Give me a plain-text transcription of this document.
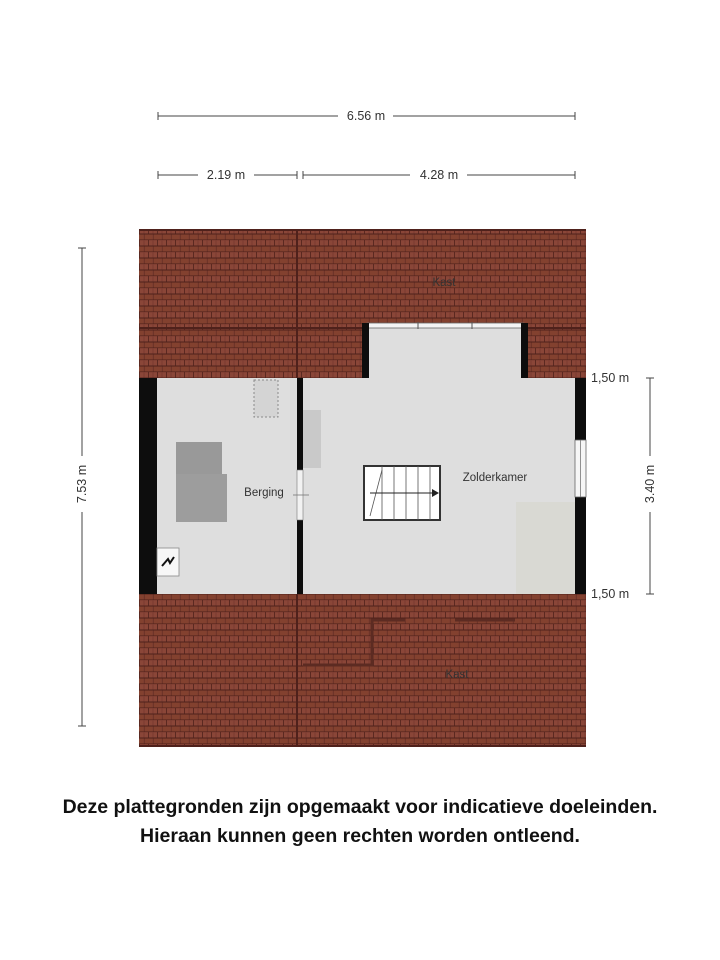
6.56 m
2.19 m	4.28 m
7.53 m	3.40 m
1,50 m
1,50 m
Kast
Berging
Zolderkamer
Kast
Deze plattegronden zijn opgemaakt voor indicatieve doeleinden.
Hieraan kunnen geen rechten worden ontleend.
